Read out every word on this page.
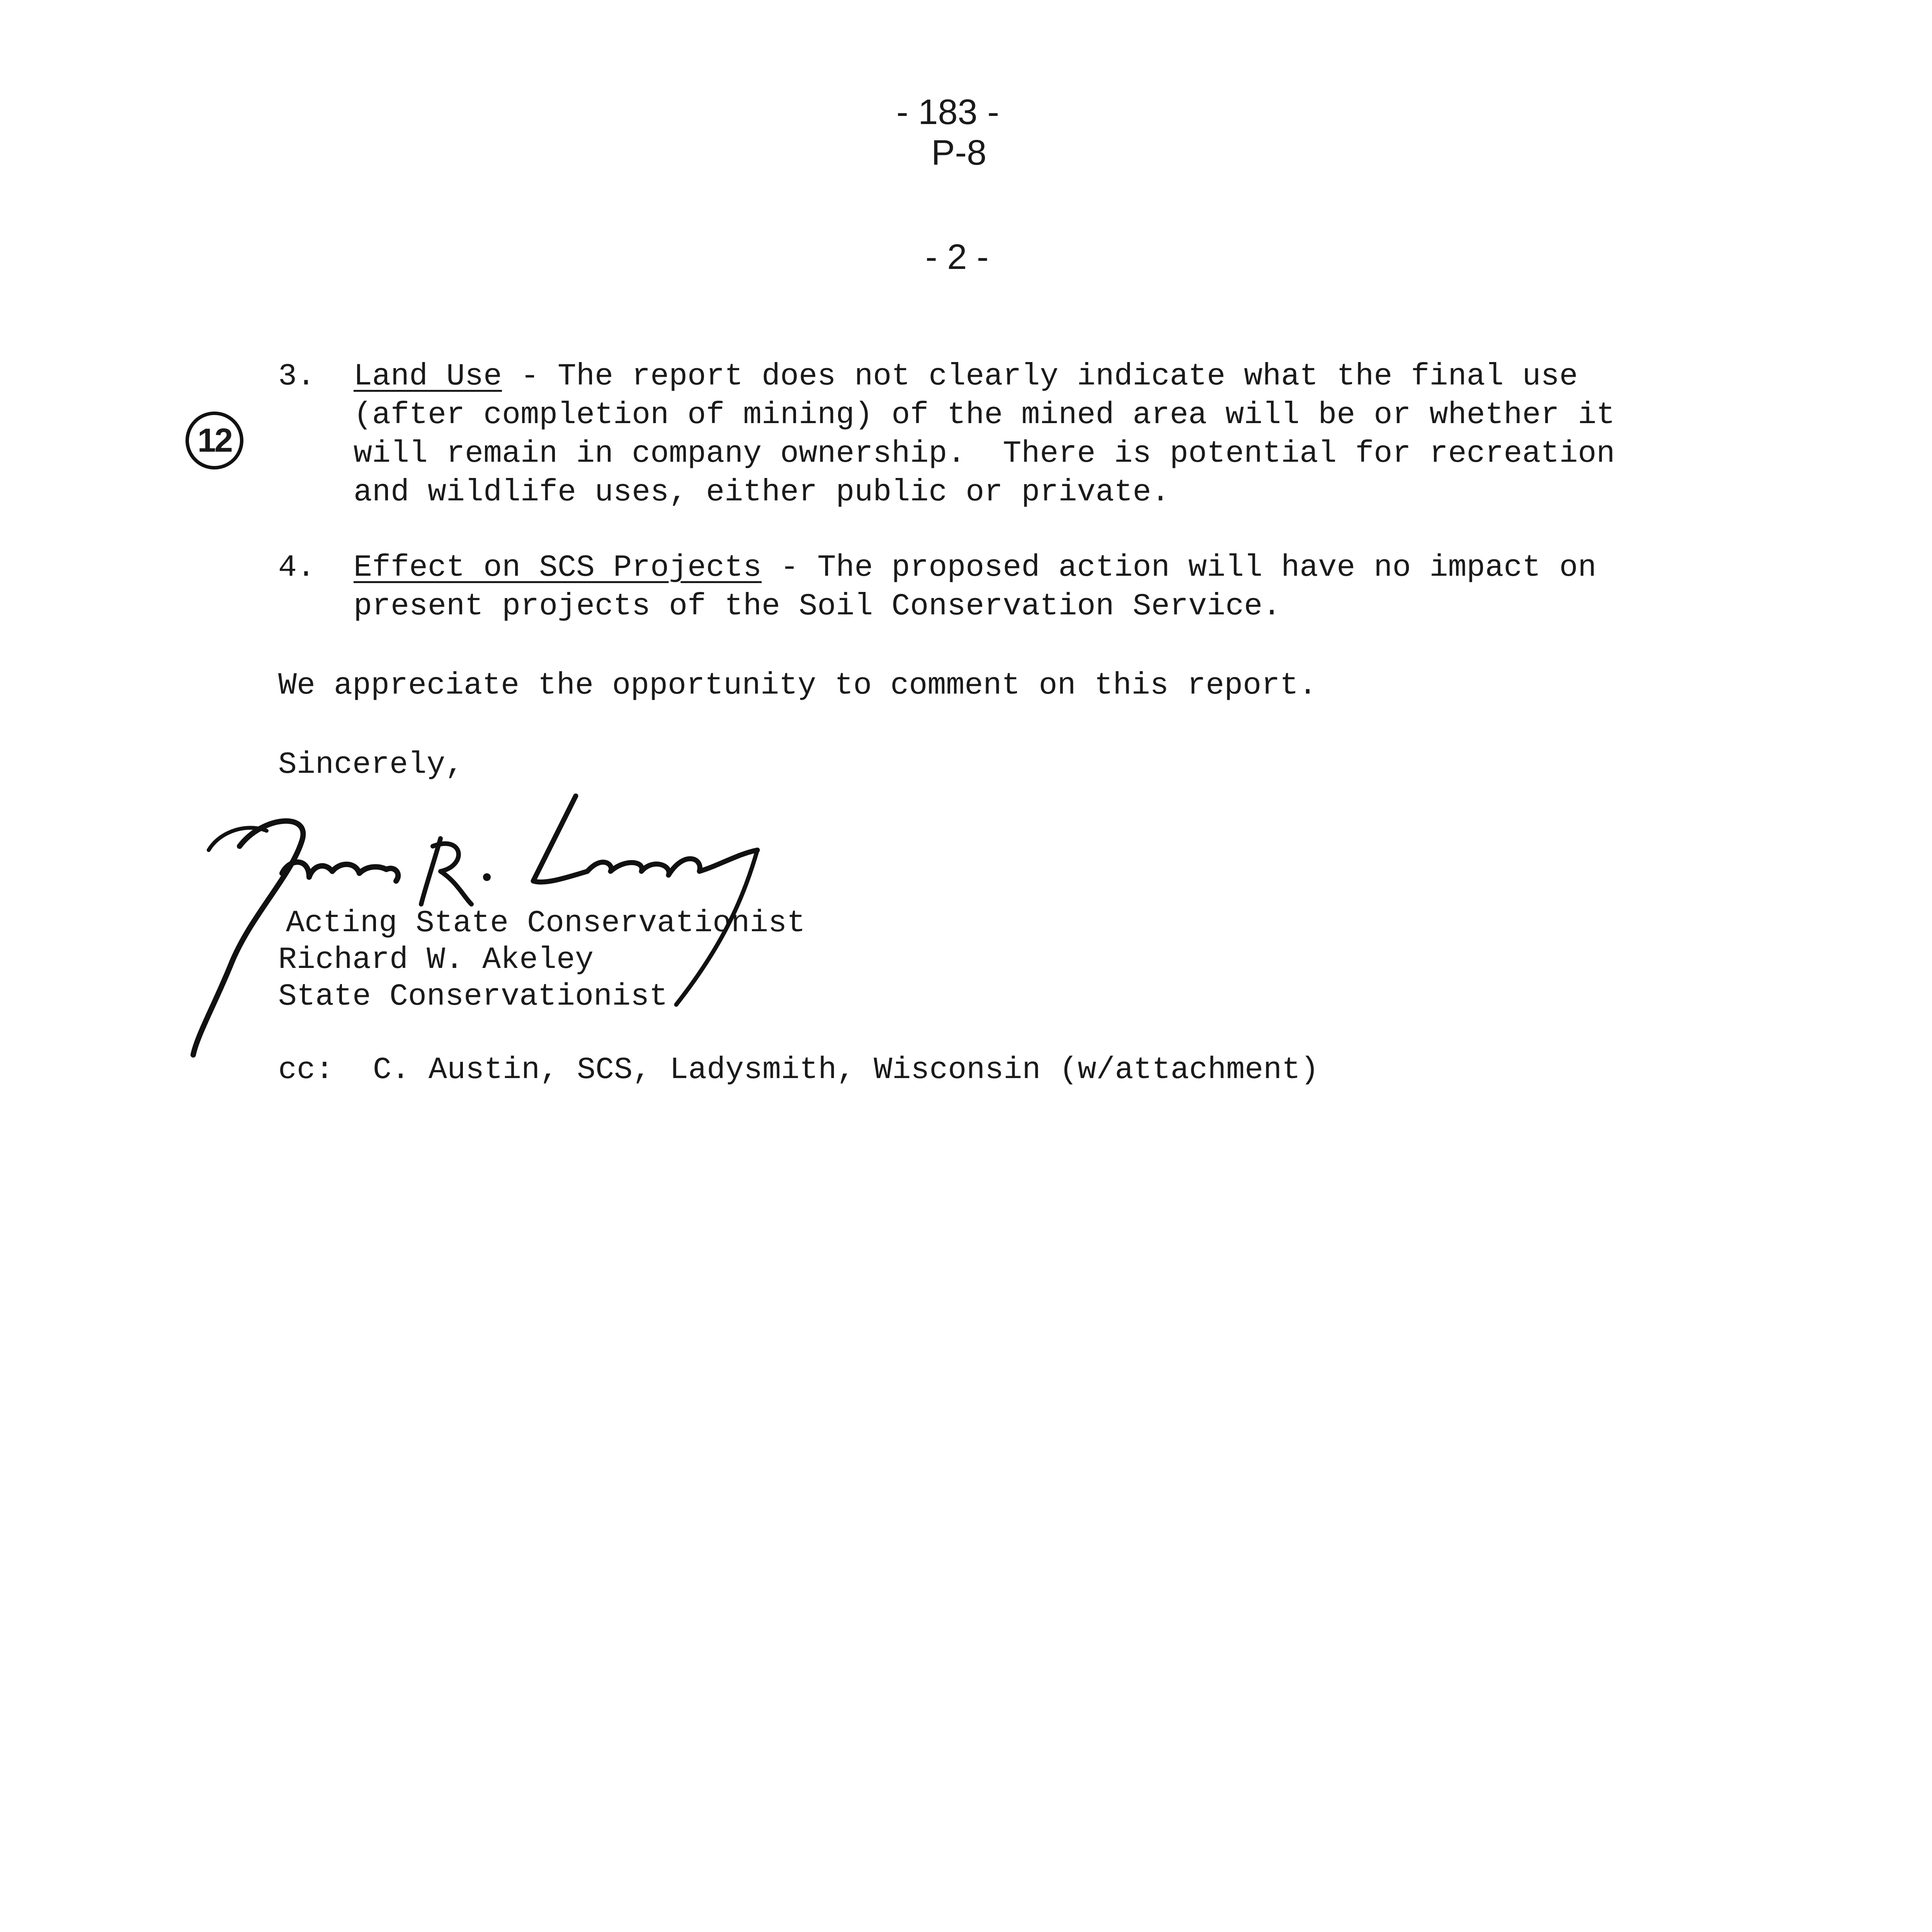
- 183 -
P-8
- 2 -
12
3. Land Use - The report does not clearly indicate what the final use
(after completion of mining) of the mined area will be or whether it
will remain in company ownership.  There is potential for recreation
and wildlife uses, either public or private.
4. Effect on SCS Projects - The proposed action will have no impact on
present projects of the Soil Conservation Service.
We appreciate the opportunity to comment on this report.
Sincerely,
Acting State Conservationist
Richard W. Akeley
State Conservationist
cc: C. Austin, SCS, Ladysmith, Wisconsin (w/attachment)
